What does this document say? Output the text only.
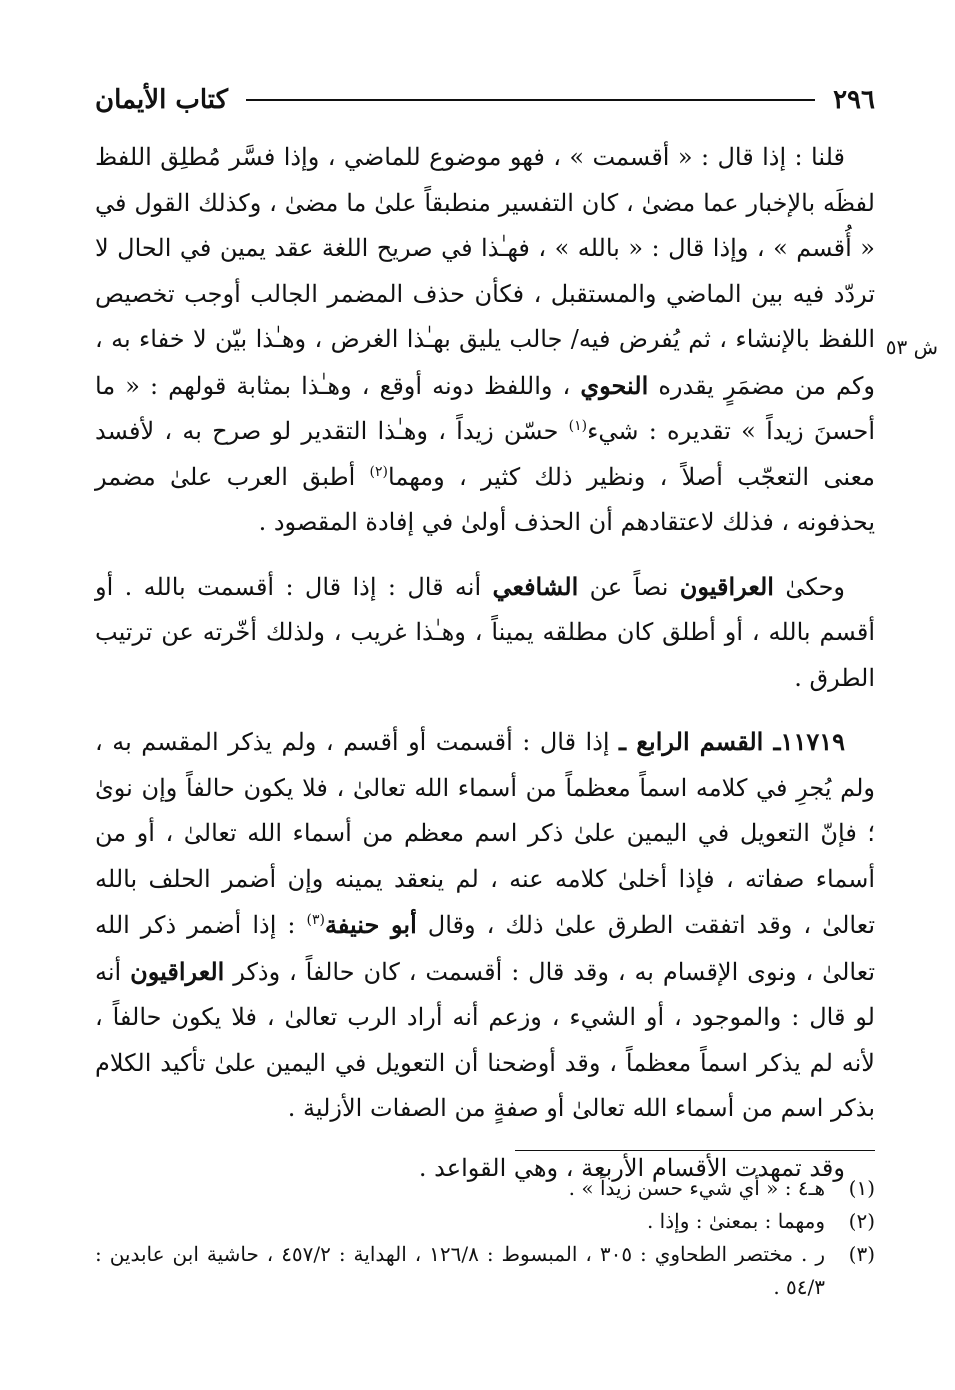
٢٩٦
كتاب الأيمان
ش ٥٣

قلنا : إذا قال : « أقسمت » ، فهو موضوع للماضي ، وإذا فسَّر مُطلِق اللفظ لفظَه بالإخبار عما مضىٰ ، كان التفسير منطبقاً علىٰ ما مضىٰ ، وكذلك القول في « أُقسم » ، وإذا قال : « بالله » ، فهـٰذا في صريح اللغة عقد يمين في الحال لا تردّد فيه بين الماضي والمستقبل ، فكأن حذف المضمر الجالب أوجب تخصيص اللفظ بالإنشاء ، ثم يُفرض فيه/ جالب يليق بهـٰذا الغرض ، وهـٰذا بيّن لا خفاء به ، وكم من مضمَرٍ يقدره النحوي ، واللفظ دونه أوقع ، وهـٰذا بمثابة قولهم : « ما أحسنَ زيداً » تقديره : شيء$^{(١)}$ حسّن زيداً ، وهـٰذا التقدير لو صرح به ، لأفسد معنى التعجّب أصلاً ، ونظير ذلك كثير ، ومهما$^{(٢)}$ أطبق العرب علىٰ مضمر يحذفونه ، فذلك لاعتقادهم أن الحذف أولىٰ في إفادة المقصود .

وحكىٰ العراقيون نصاً عن الشافعي أنه قال : إذا قال : أقسمت بالله . أو أقسم بالله ، أو أطلق كان مطلقه يميناً ، وهـٰذا غريب ، ولذلك أخّرته عن ترتيب الطرق .

١١٧١٩ـ القسم الرابع ـ إذا قال : أقسمت أو أقسم ، ولم يذكر المقسم به ، ولم يُجرِ في كلامه اسماً معظماً من أسماء الله تعالىٰ ، فلا يكون حالفاً وإن نوىٰ ؛ فإنّ التعويل في اليمين علىٰ ذكر اسم معظم من أسماء الله تعالىٰ ، أو من أسماء صفاته ، فإذا أخلىٰ كلامه عنه ، لم ينعقد يمينه وإن أضمر الحلف بالله تعالىٰ ، وقد اتفقت الطرق علىٰ ذلك ، وقال أبو حنيفة$^{(٣)}$ : إذا أضمر ذكر الله تعالىٰ ، ونوى الإقسام به ، وقد قال : أقسمت ، كان حالفاً ، وذكر العراقيون أنه لو قال : والموجود ، أو الشيء ، وزعم أنه أراد الرب تعالىٰ ، فلا يكون حالفاً ، لأنه لم يذكر اسماً معظماً ، وقد أوضحنا أن التعويل في اليمين علىٰ تأكيد الكلام بذكر اسم من أسماء الله تعالىٰ أو صفةٍ من الصفات الأزلية .

وقد تمهدت الأقسام الأربعة ، وهي القواعد .

(١)
هـ٤ : « أي شيء حسن زيداً » .
(٢)
ومهما : بمعنىٰ : وإذا .
(٣)
ر . مختصر الطحاوي : ٣٠٥ ، المبسوط : ١٢٦/٨ ، الهداية : ٤٥٧/٢ ، حاشية ابن عابدين : ٥٤/٣ .
